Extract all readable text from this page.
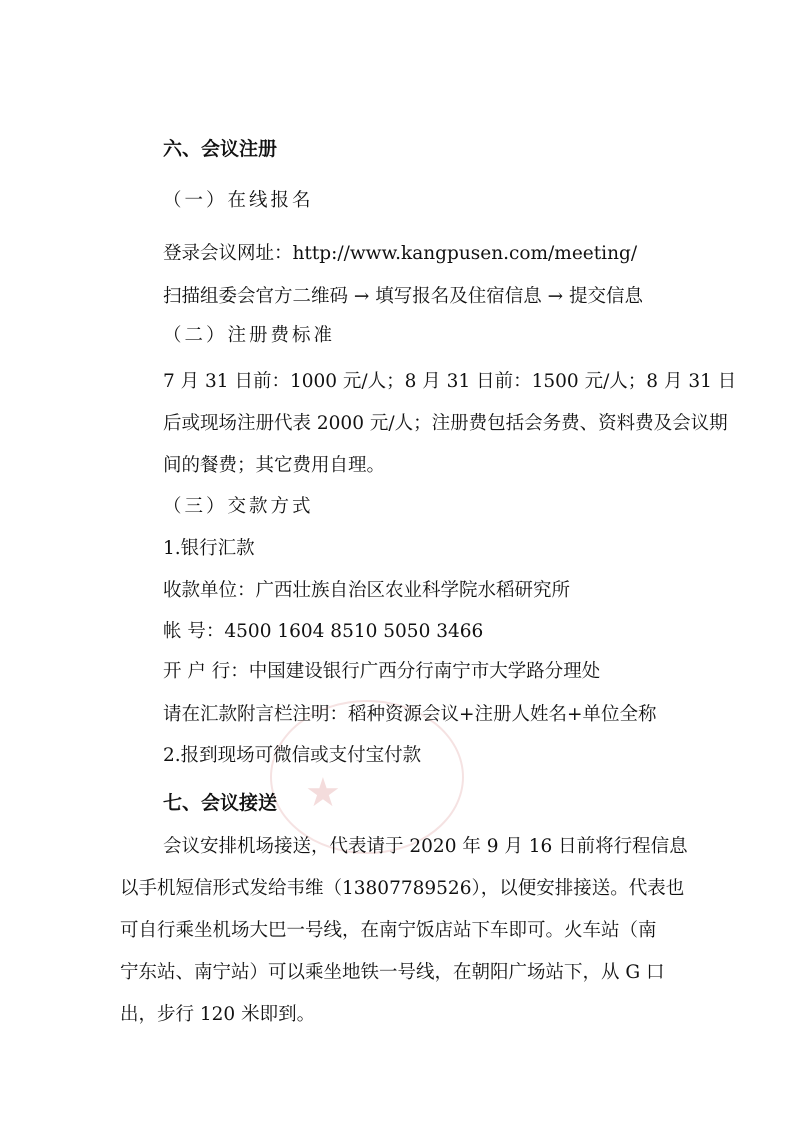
★
六、会议注册
（一）在线报名
登录会议网址：http://www.kangpusen.com/meeting/
扫描组委会官方二维码 → 填写报名及住宿信息 → 提交信息
（二）注册费标准
7 月 31 日前：1000 元/人；8 月 31 日前：1500 元/人；8 月 31 日
后或现场注册代表 2000 元/人；注册费包括会务费、资料费及会议期
间的餐费；其它费用自理。
（三）交款方式
1.银行汇款
收款单位：广西壮族自治区农业科学院水稻研究所
帐 号：4500 1604 8510 5050 3466
开 户 行：中国建设银行广西分行南宁市大学路分理处
请在汇款附言栏注明：稻种资源会议+注册人姓名+单位全称
2.报到现场可微信或支付宝付款
七、会议接送
会议安排机场接送，代表请于 2020 年 9 月 16 日前将行程信息
以手机短信形式发给韦维（13807789526），以便安排接送。代表也
可自行乘坐机场大巴一号线，在南宁饭店站下车即可。火车站（南
宁东站、南宁站）可以乘坐地铁一号线，在朝阳广场站下，从 G 口
出，步行 120 米即到。
